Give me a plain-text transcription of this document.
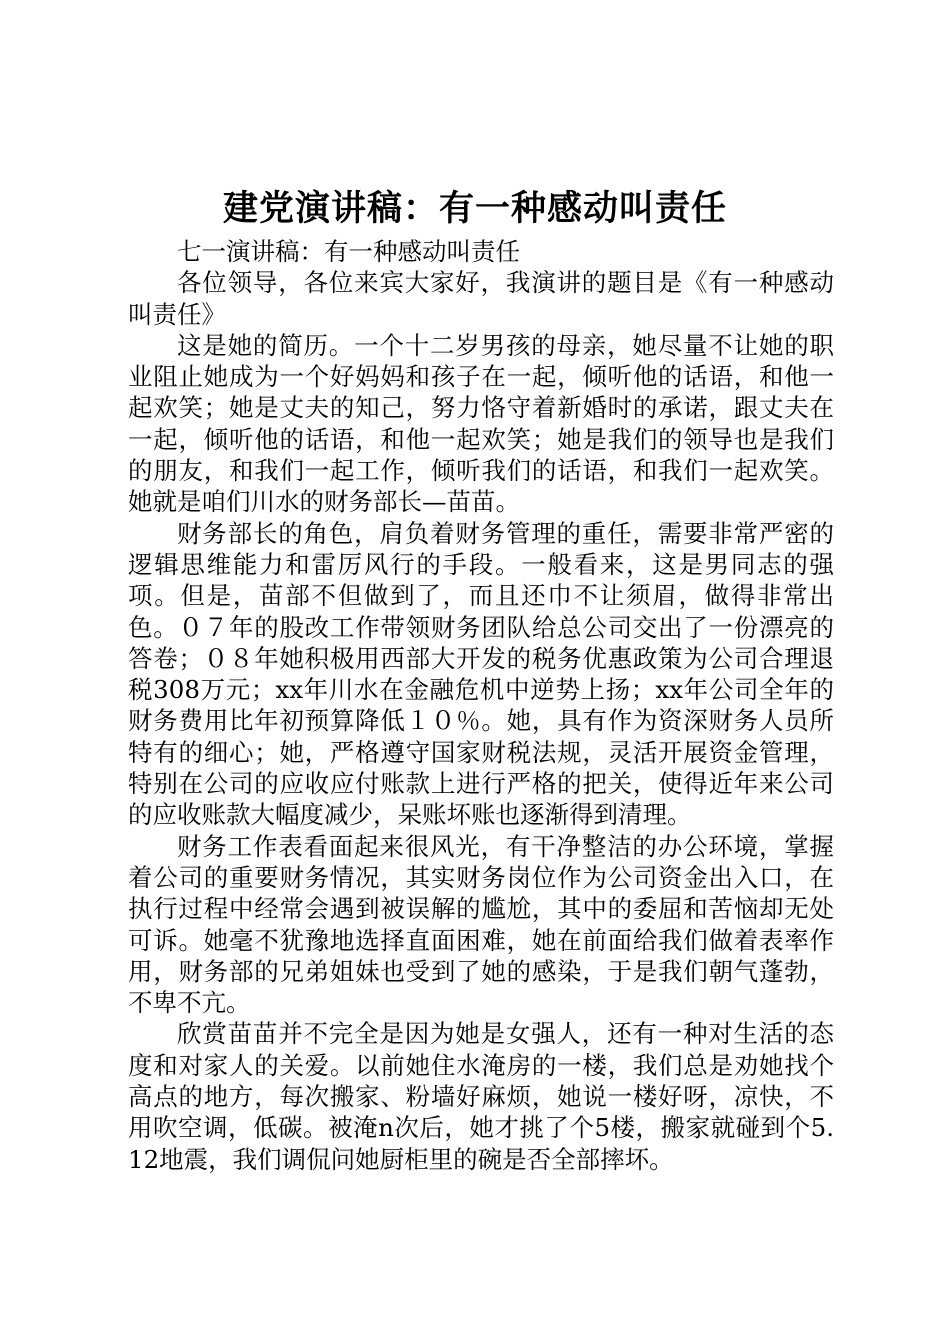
建党演讲稿：有一种感动叫责任

七一演讲稿：有一种感动叫责任

各位领导，各位来宾大家好，我演讲的题目是《有一种感动叫责任》

这是她的简历。一个十二岁男孩的母亲，她尽量不让她的职业阻止她成为一个好妈妈和孩子在一起，倾听他的话语，和他一起欢笑；她是丈夫的知己，努力恪守着新婚时的承诺，跟丈夫在一起，倾听他的话语，和他一起欢笑；她是我们的领导也是我们的朋友，和我们一起工作，倾听我们的话语，和我们一起欢笑。她就是咱们川水的财务部长—苗苗。

财务部长的角色，肩负着财务管理的重任，需要非常严密的逻辑思维能力和雷厉风行的手段。一般看来，这是男同志的强项。但是，苗部不但做到了，而且还巾不让须眉，做得非常出色。０７年的股改工作带领财务团队给总公司交出了一份漂亮的答卷；０８年她积极用西部大开发的税务优惠政策为公司合理退税308万元；xx年川水在金融危机中逆势上扬；xx年公司全年的财务费用比年初预算降低１０％。她，具有作为资深财务人员所特有的细心；她，严格遵守国家财税法规，灵活开展资金管理，特别在公司的应收应付账款上进行严格的把关，使得近年来公司的应收账款大幅度减少，呆账坏账也逐渐得到清理。

财务工作表看面起来很风光，有干净整洁的办公环境，掌握着公司的重要财务情况，其实财务岗位作为公司资金出入口，在执行过程中经常会遇到被误解的尴尬，其中的委屈和苦恼却无处可诉。她毫不犹豫地选择直面困难，她在前面给我们做着表率作用，财务部的兄弟姐妹也受到了她的感染，于是我们朝气蓬勃，不卑不亢。

欣赏苗苗并不完全是因为她是女强人，还有一种对生活的态度和对家人的关爱。以前她住水淹房的一楼，我们总是劝她找个高点的地方，每次搬家、粉墙好麻烦，她说一楼好呀，凉快，不用吹空调，低碳。被淹n次后，她才挑了个5楼，搬家就碰到个5.12地震，我们调侃问她厨柜里的碗是否全部摔坏。
